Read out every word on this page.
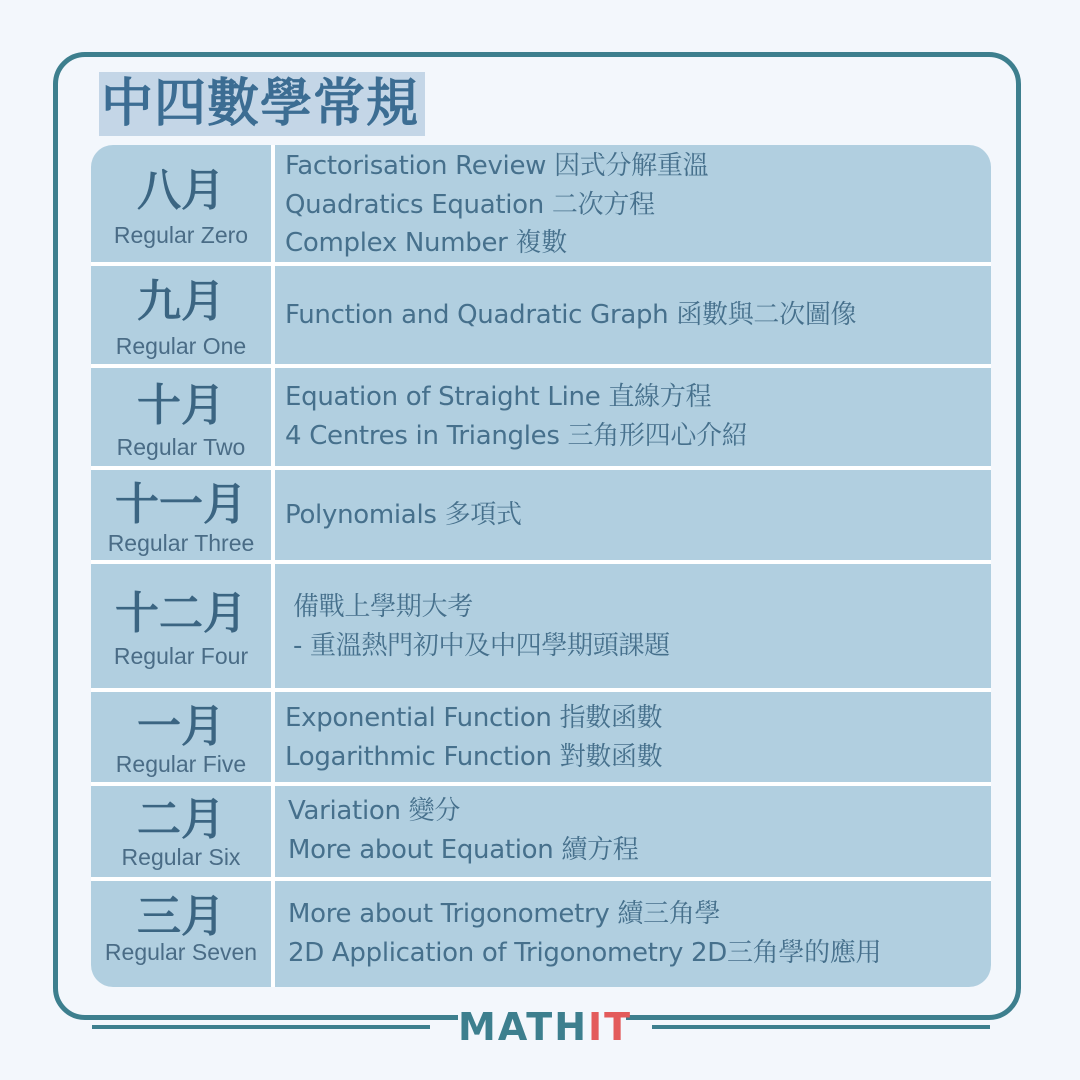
中四數學常規
八月
Regular Zero
Factorisation Review 因式分解重溫
Quadratics Equation 二次方程
Complex Number 複數
九月
Regular One
Function and Quadratic Graph 函數與二次圖像
十月
Regular Two
Equation of Straight Line 直線方程
4 Centres in Triangles 三角形四心介紹
十一月
Regular Three
Polynomials 多項式
十二月
Regular Four
備戰上學期大考
- 重溫熱門初中及中四學期頭課題
一月
Regular Five
Exponential Function 指數函數
Logarithmic Function 對數函數
二月
Regular Six
Variation 變分
More about Equation 續方程
三月
Regular Seven
More about Trigonometry 續三角學
2D Application of Trigonometry 2D三角學的應用
MATHIT
